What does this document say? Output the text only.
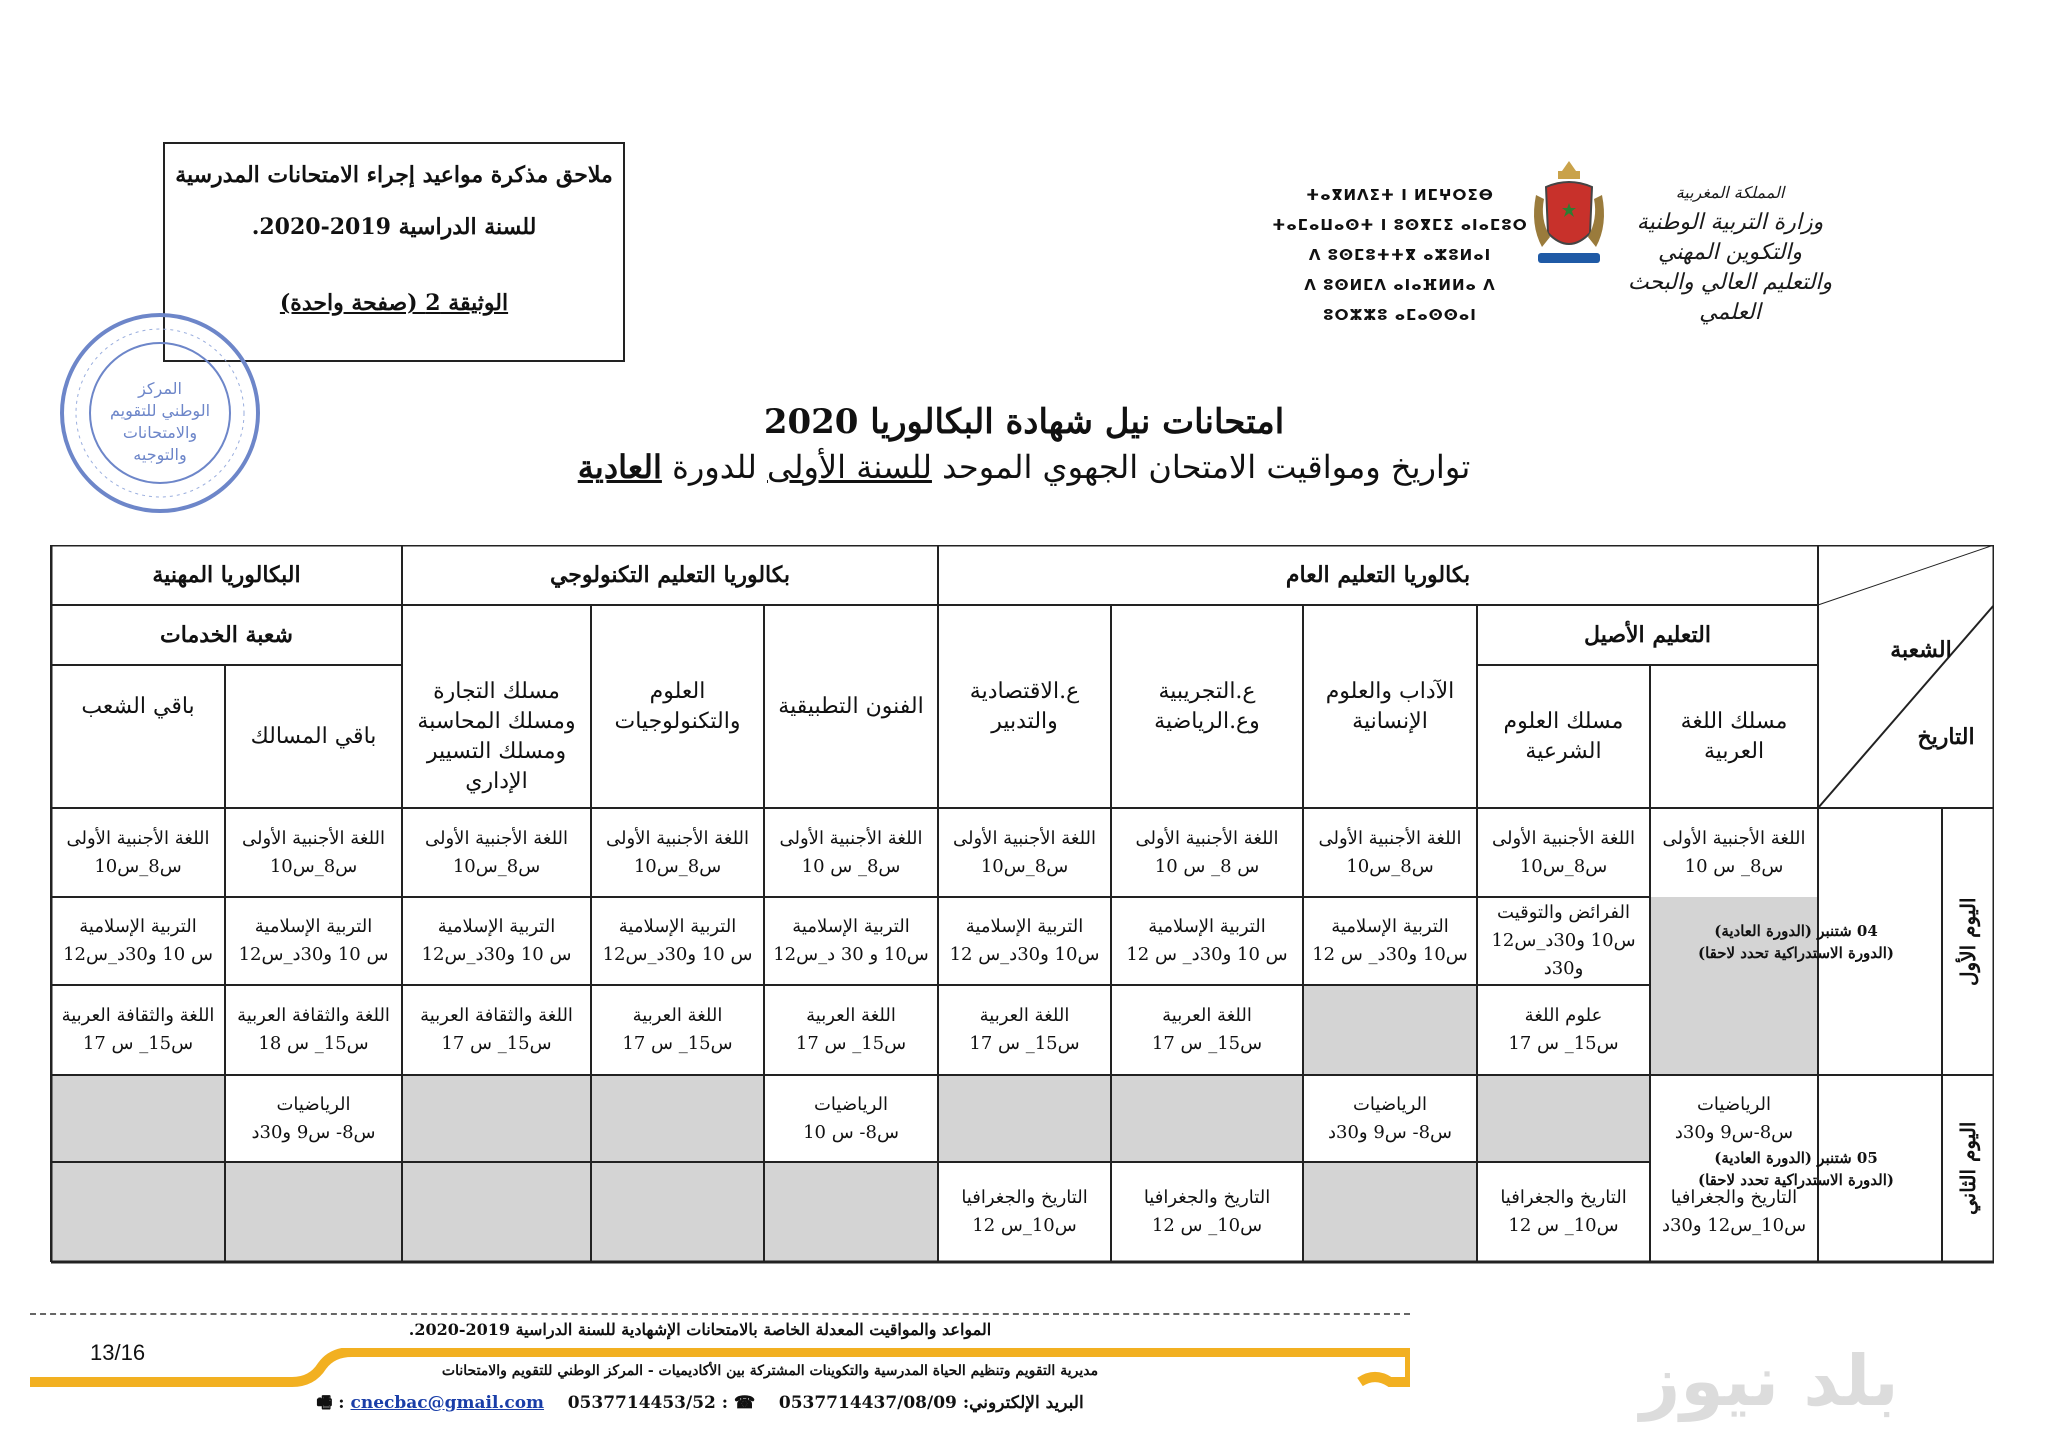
ملاحق مذكرة مواعيد إجراء الامتحانات المدرسية
للسنة الدراسية 2019-2020.
الوثيقة 2 (صفحة واحدة)
المملكة المغربية
وزارة التربية الوطنية
والتكوين المهني
والتعليم العالي والبحث العلمي
ⵜⴰⴳⵍⴷⵉⵜ ⵏ ⵍⵎⵖⵔⵉⴱ
ⵜⴰⵎⴰⵡⴰⵙⵜ ⵏ ⵓⵙⴳⵎⵉ ⴰⵏⴰⵎⵓⵔ
ⴷ ⵓⵙⵎⵓⵜⵜⴳ ⴰⵣⵓⵍⴰⵏ
ⴷ ⵓⵙⵍⵎⴷ ⴰⵏⴰⴼⵍⵍⴰ ⴷ ⵓⵔⵣⵣⵓ ⴰⵎⴰⵙⵙⴰⵏ
المركز
الوطني للتقويم
والامتحانات
والتوجيه
امتحانات نيل شهادة البكالوريا 2020
تواريخ ومواقيت الامتحان الجهوي الموحد للسنة الأولى للدورة العادية
الشعبة
التاريخ
بكالوريا التعليم العام
بكالوريا التعليم التكنولوجي
البكالوريا المهنية
التعليم الأصيل
شعبة الخدمات
مسلك اللغة العربية
مسلك العلوم الشرعية
الآداب والعلوم الإنسانية
ع.التجريبية وع.الرياضية
ع.الاقتصادية والتدبير
الفنون التطبيقية
العلوم والتكنولوجيات
مسلك التجارة ومسلك المحاسبة ومسلك التسيير الإداري
باقي المسالك
باقي الشعب
اليوم الأول
اليوم الثاني
04 شتنبر (الدورة العادية)
(الدورة الاستدراكية تحدد لاحقا)
05 شتنبر (الدورة العادية)
(الدورة الاستدراكية تحدد لاحقا)
اللغة الأجنبية الأولى
س8_ س 10
اللغة الأجنبية الأولى
س8_س10
اللغة الأجنبية الأولى
س8_س10
اللغة الأجنبية الأولى
س 8_ س 10
اللغة الأجنبية الأولى
س8_س10
اللغة الأجنبية الأولى
س8_ س 10
اللغة الأجنبية الأولى
س8_س10
اللغة الأجنبية الأولى
س8_س10
اللغة الأجنبية الأولى
س8_س10
اللغة الأجنبية الأولى
س8_س10
الفرائض والتوقيت
س10 و30د_س12 و30د
التربية الإسلامية
س10 و30د_ س 12
التربية الإسلامية
س 10 و30د_ س 12
التربية الإسلامية
س10 و30د_س 12
التربية الإسلامية
س10 و 30 د_س12
التربية الإسلامية
س 10 و30د_س12
التربية الإسلامية
س 10 و30د_س12
التربية الإسلامية
س 10 و30د_س12
التربية الإسلامية
س 10 و30د_س12
علوم اللغة
س15_ س 17
اللغة العربية
س15_ س 17
اللغة العربية
س15_ س 17
اللغة العربية
س15_ س 17
اللغة العربية
س15_ س 17
اللغة والثقافة العربية
س15_ س 17
اللغة والثقافة العربية
س15_ س 18
اللغة والثقافة العربية
س15_ س 17
الرياضيات
س8-س9 و30د
الرياضيات
س8- س9 و30د
الرياضيات
س8- س 10
الرياضيات
س8- س9 و30د
التاريخ والجغرافيا
س10_س12 و30د
التاريخ والجغرافيا
س10_ س 12
التاريخ والجغرافيا
س10_ س 12
التاريخ والجغرافيا
س10_س 12
المواعد والمواقيت المعدلة الخاصة بالامتحانات الإشهادية للسنة الدراسية 2019-2020.
13/16
مديرية التقويم وتنظيم الحياة المدرسية والتكوينات المشتركة بين الأكاديميات - المركز الوطني للتقويم والامتحانات
البريد الإلكتروني: cnecbac@gmail.com 0537714453/52 : ☎    0537714437/08/09 : 🖷	بلد نيوز
